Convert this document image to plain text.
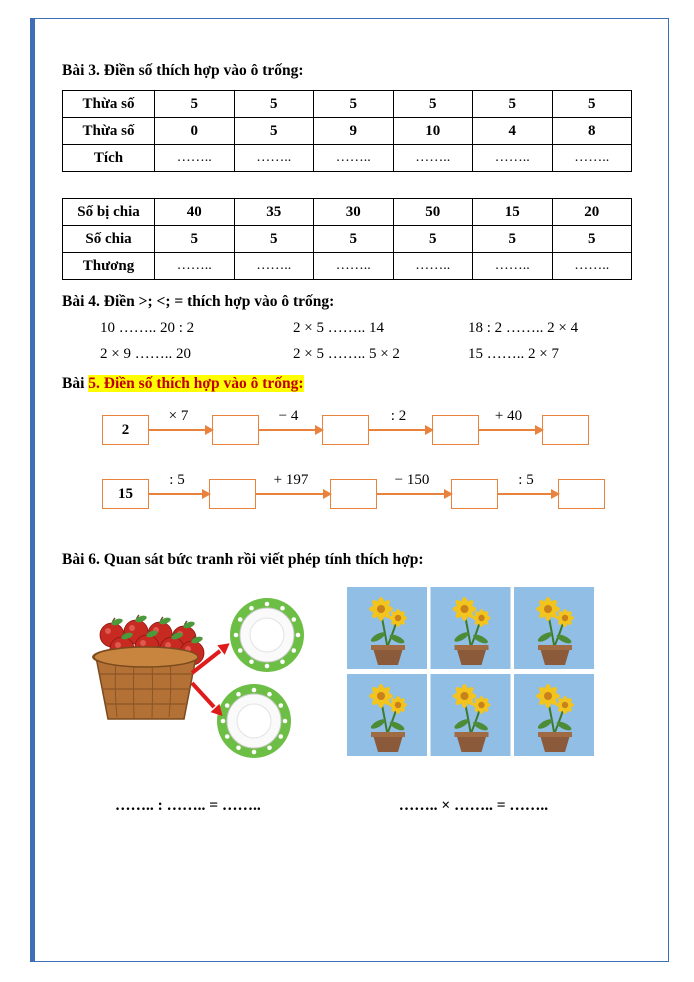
Bài 3. Điền số thích hợp vào ô trống:
Thừa số	5	5	5	5	5	5
Thừa số	0	5	9	10	4	8
Tích	……..	……..	……..	……..	……..	……..
Số bị chia	40	35	30	50	15	20
Số chia	5	5	5	5	5	5
Thương	……..	……..	……..	……..	……..	……..
Bài 4. Điền >; <; = thích hợp vào ô trống:
10 …….. 20 : 2	2 × 5 …….. 14	18 : 2 …….. 2 × 4
2 × 9 …….. 20	2 × 5 …….. 5 × 2	15 …….. 2 × 7
Bài 5. Điền số thích hợp vào ô trống:
2
× 7	− 4	: 2	+ 40
15
: 5	+ 197	− 150	: 5
Bài 6. Quan sát bức tranh rồi viết phép tính thích hợp:
…….. : …….. = ……..	…….. × …….. = ……..
